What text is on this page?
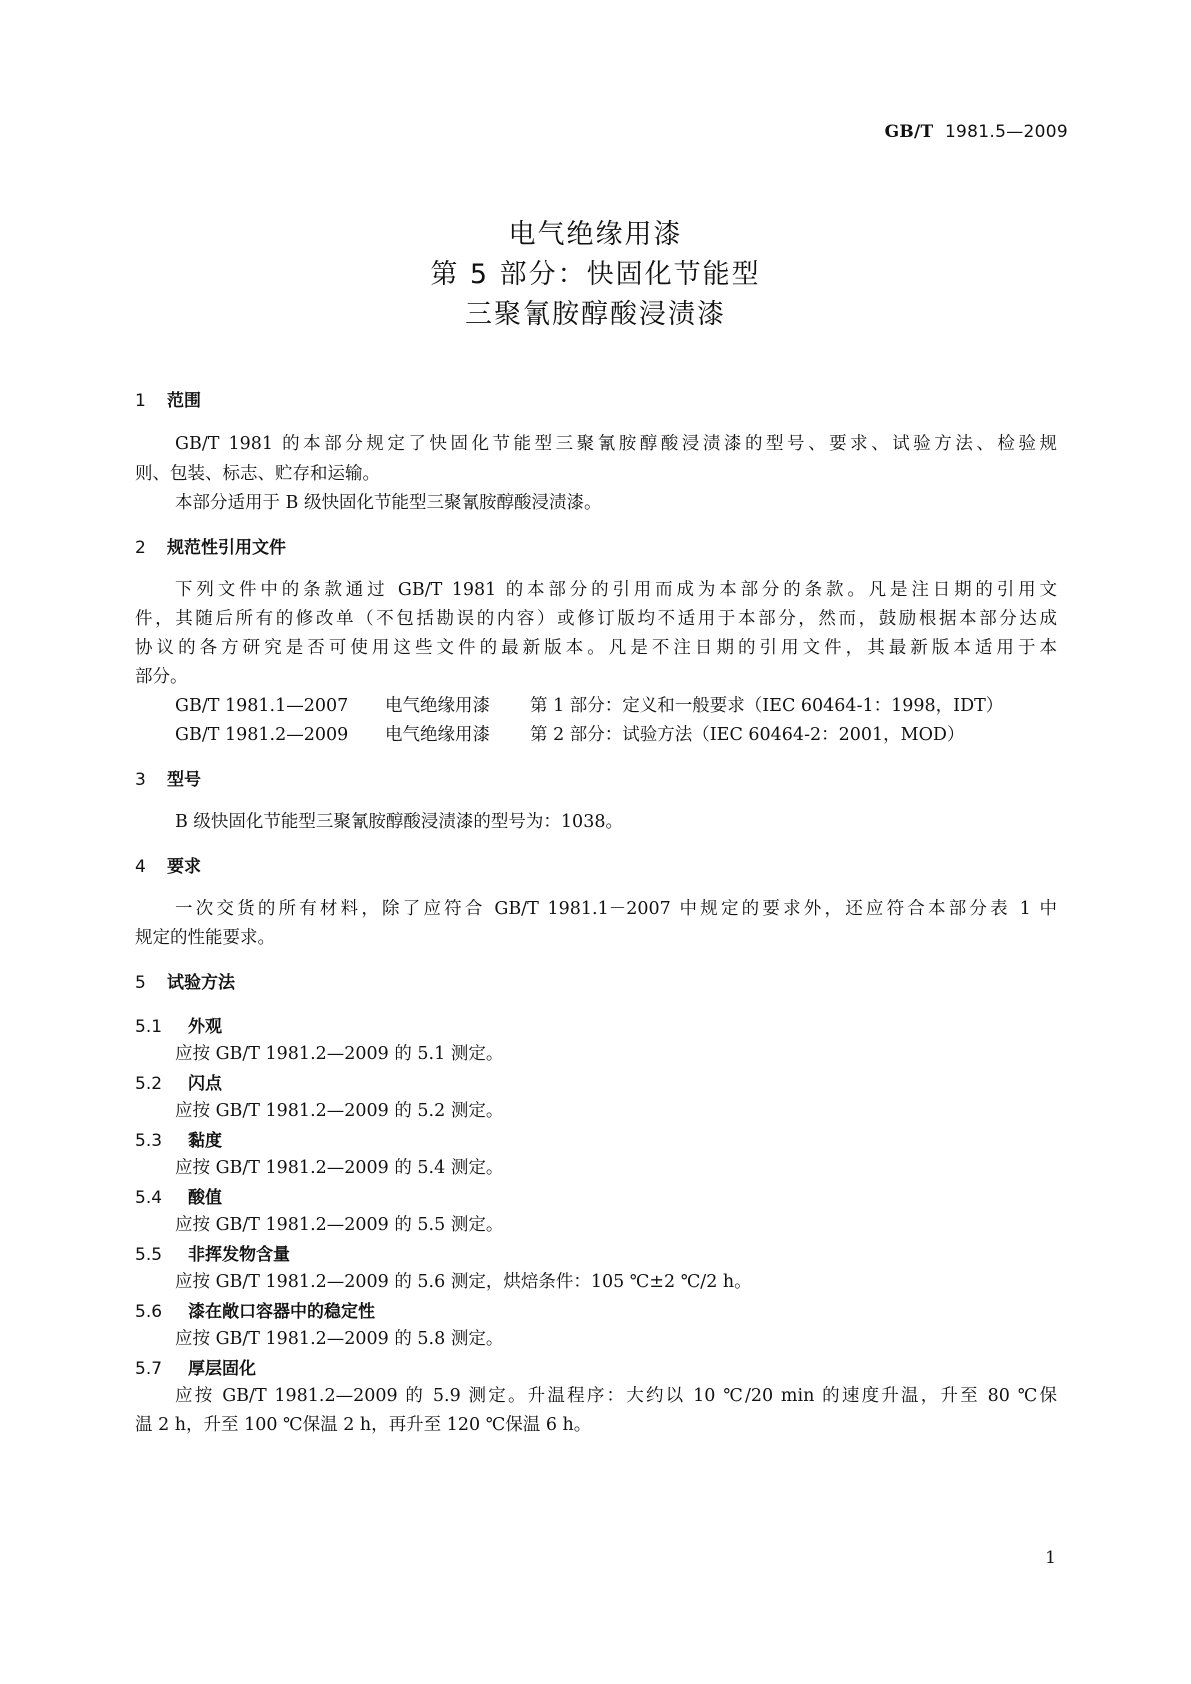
GB/T 1981.5—2009
电气绝缘用漆
第 5 部分：快固化节能型
三聚氰胺醇酸浸渍漆
1 范围
GB/T 1981 的本部分规定了快固化节能型三聚氰胺醇酸浸渍漆的型号、要求、试验方法、检验规
则、包装、标志、贮存和运输。
本部分适用于 B 级快固化节能型三聚氰胺醇酸浸渍漆。
2 规范性引用文件
下列文件中的条款通过 GB/T 1981 的本部分的引用而成为本部分的条款。凡是注日期的引用文
件，其随后所有的修改单（不包括勘误的内容）或修订版均不适用于本部分，然而，鼓励根据本部分达成
协议的各方研究是否可使用这些文件的最新版本。凡是不注日期的引用文件，其最新版本适用于本
部分。
GB/T 1981.1—2007 电气绝缘用漆 第 1 部分：定义和一般要求（IEC 60464-1：1998，IDT）
GB/T 1981.2—2009 电气绝缘用漆 第 2 部分：试验方法（IEC 60464-2：2001，MOD）
3 型号
B 级快固化节能型三聚氰胺醇酸浸渍漆的型号为：1038。
4 要求
一次交货的所有材料，除了应符合 GB/T 1981.1－2007 中规定的要求外，还应符合本部分表 1 中
规定的性能要求。
5 试验方法
5.1 外观
应按 GB/T 1981.2—2009 的 5.1 测定。
5.2 闪点
应按 GB/T 1981.2—2009 的 5.2 测定。
5.3 黏度
应按 GB/T 1981.2—2009 的 5.4 测定。
5.4 酸值
应按 GB/T 1981.2—2009 的 5.5 测定。
5.5 非挥发物含量
应按 GB/T 1981.2—2009 的 5.6 测定，烘焙条件：105 ℃±2 ℃/2 h。
5.6 漆在敞口容器中的稳定性
应按 GB/T 1981.2—2009 的 5.8 测定。
5.7 厚层固化
应按 GB/T 1981.2—2009 的 5.9 测定。升温程序：大约以 10 ℃/20 min 的速度升温，升至 80 ℃保
温 2 h，升至 100 ℃保温 2 h，再升至 120 ℃保温 6 h。
1
